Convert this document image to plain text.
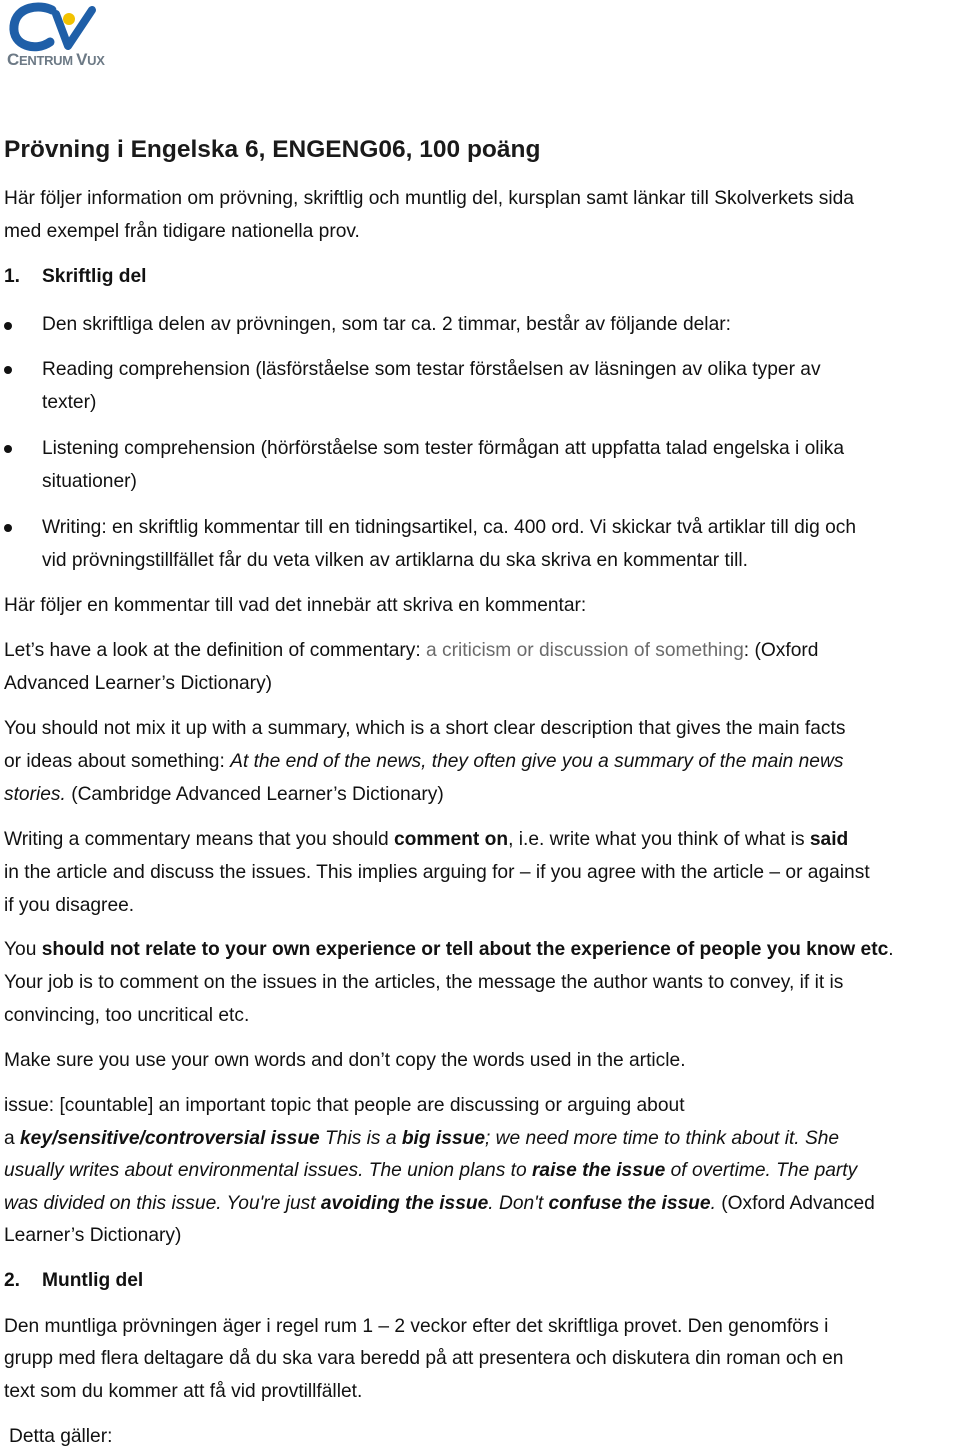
CENTRUM VUX
Prövning i Engelska 6, ENGENG06, 100 poäng
Här följer information om prövning, skriftlig och muntlig del, kursplan samt länkar till Skolverkets sida
med exempel från tidigare nationella prov.
1. Skriftlig del
Den skriftliga delen av prövningen, som tar ca. 2 timmar, består av följande delar:
Reading comprehension (läsförståelse som testar förståelsen av läsningen av olika typer av
texter)
Listening comprehension (hörförståelse som tester förmågan att uppfatta talad engelska i olika
situationer)
Writing: en skriftlig kommentar till en tidningsartikel, ca. 400 ord. Vi skickar två artiklar till dig och
vid prövningstillfället får du veta vilken av artiklarna du ska skriva en kommentar till.
Här följer en kommentar till vad det innebär att skriva en kommentar:
Let’s have a look at the definition of commentary: a criticism or discussion of something: (Oxford
Advanced Learner’s Dictionary)
You should not mix it up with a summary, which is a short clear description that gives the main facts
or ideas about something: At the end of the news, they often give you a summary of the main news
stories. (Cambridge Advanced Learner’s Dictionary)
Writing a commentary means that you should comment on, i.e. write what you think of what is said
in the article and discuss the issues. This implies arguing for – if you agree with the article – or against
if you disagree.
You should not relate to your own experience or tell about the experience of people you know etc.
Your job is to comment on the issues in the articles, the message the author wants to convey, if it is
convincing, too uncritical etc.
Make sure you use your own words and don’t copy the words used in the article.
issue: [countable] an important topic that people are discussing or arguing about
a key/sensitive/controversial issue This is a big issue; we need more time to think about it. She
usually writes about environmental issues. The union plans to raise the issue of overtime. The party
was divided on this issue. You're just avoiding the issue. Don't confuse the issue. (Oxford Advanced
Learner’s Dictionary)
2. Muntlig del
Den muntliga prövningen äger i regel rum 1 – 2 veckor efter det skriftliga provet. Den genomförs i
grupp med flera deltagare då du ska vara beredd på att presentera och diskutera din roman och en
text som du kommer att få vid provtillfället.
Detta gäller:
